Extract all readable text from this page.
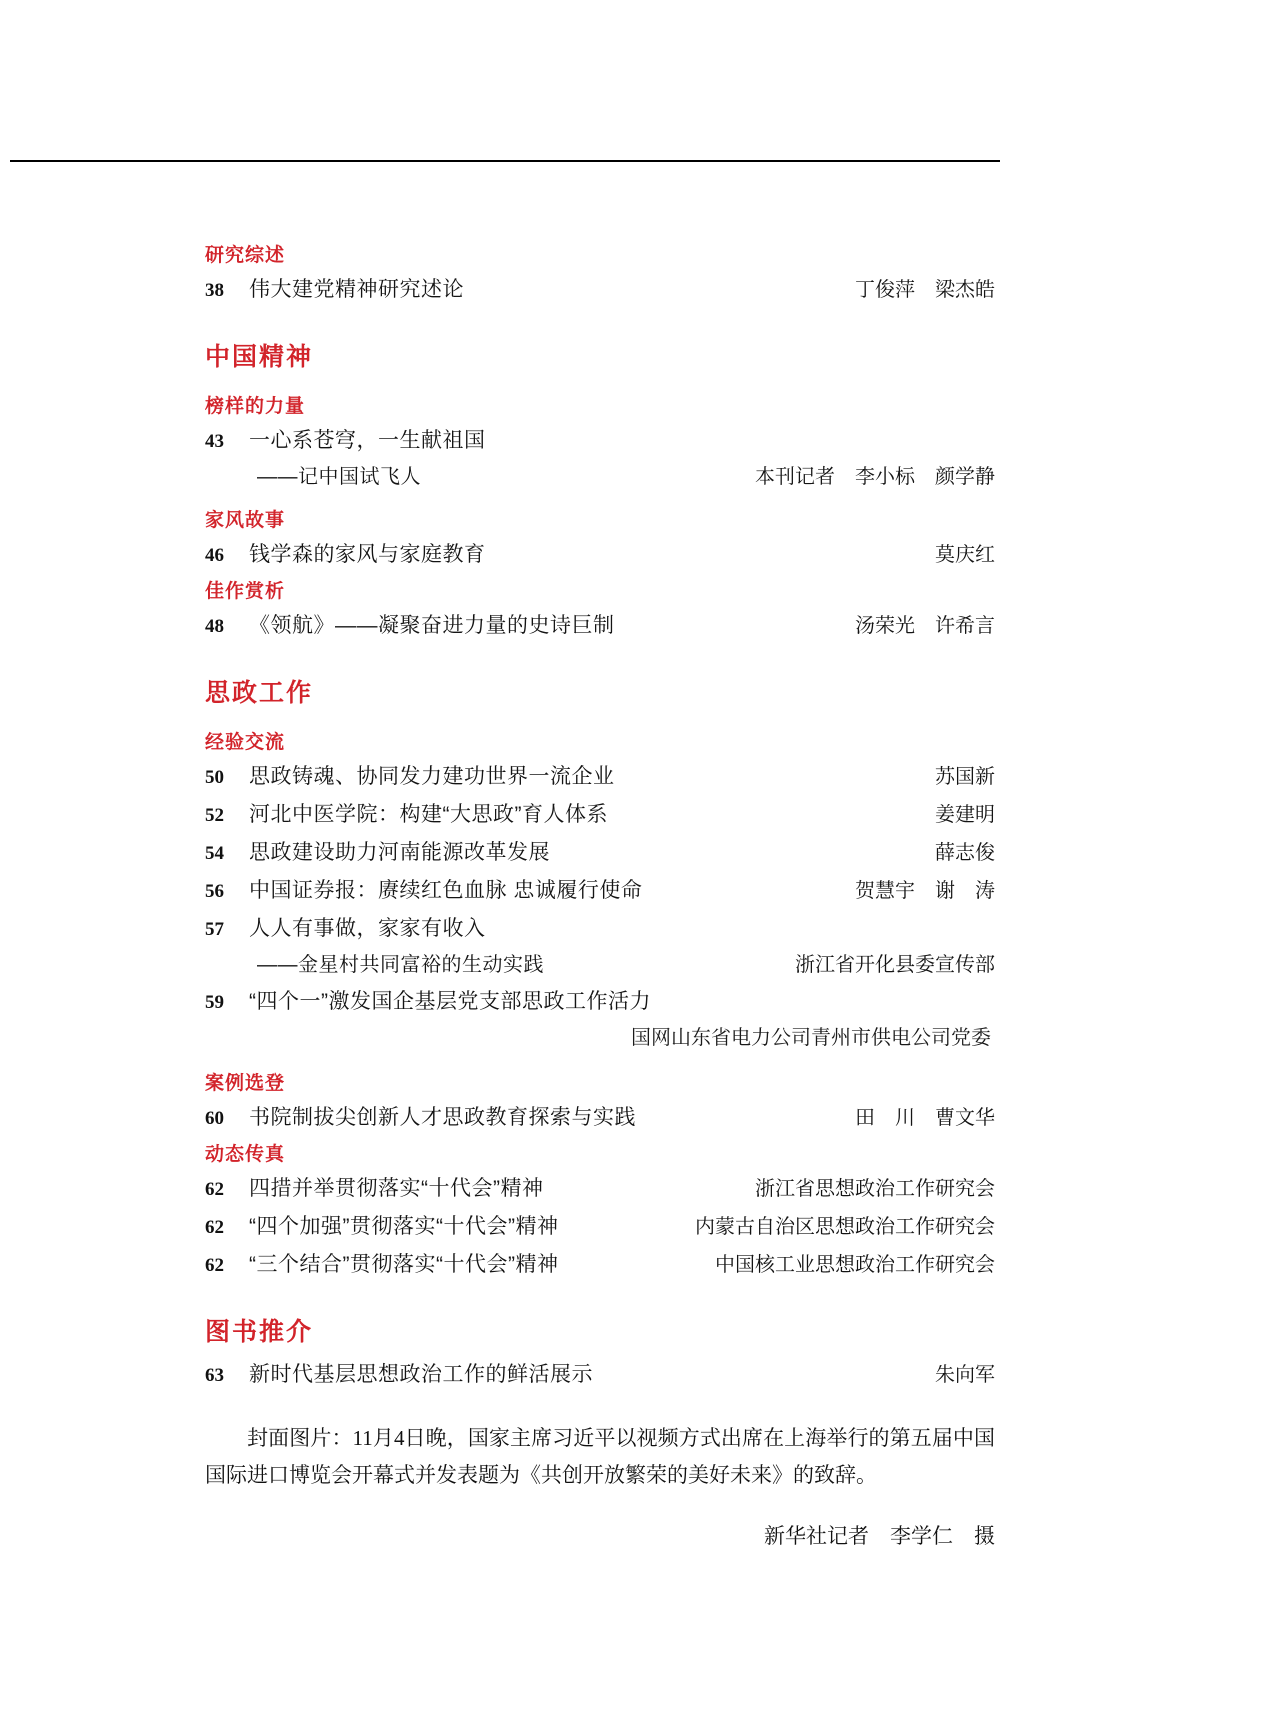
研究综述
38	伟大建党精神研究述论	丁俊萍　梁杰皓
中国精神
榜样的力量
43	一心系苍穹，一生献祖国
——记中国试飞人	本刊记者　李小标　颜学静
家风故事
46	钱学森的家风与家庭教育	莫庆红
佳作赏析
48	《领航》——凝聚奋进力量的史诗巨制	汤荣光　许希言
思政工作
经验交流
50	思政铸魂、协同发力建功世界一流企业	苏国新
52	河北中医学院：构建“大思政”育人体系	姜建明
54	思政建设助力河南能源改革发展	薛志俊
56	中国证券报：赓续红色血脉 忠诚履行使命	贺慧宇　谢　涛
57	人人有事做，家家有收入
——金星村共同富裕的生动实践	浙江省开化县委宣传部
59	“四个一”激发国企基层党支部思政工作活力
国网山东省电力公司青州市供电公司党委
案例选登
60	书院制拔尖创新人才思政教育探索与实践	田　川　曹文华
动态传真
62	四措并举贯彻落实“十代会”精神	浙江省思想政治工作研究会
62	“四个加强”贯彻落实“十代会”精神	内蒙古自治区思想政治工作研究会
62	“三个结合”贯彻落实“十代会”精神	中国核工业思想政治工作研究会
图书推介
63	新时代基层思想政治工作的鲜活展示	朱向军
封面图片：11月4日晚，国家主席习近平以视频方式出席在上海举行的第五届中国国际进口博览会开幕式并发表题为《共创开放繁荣的美好未来》的致辞。
新华社记者　李学仁　摄
